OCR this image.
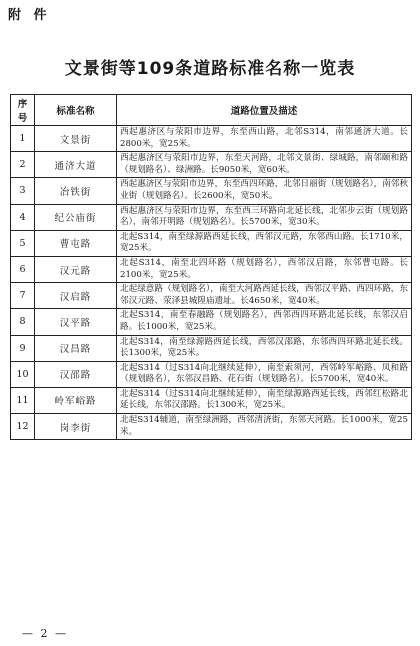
附 件
文景街等109条道路标准名称一览表
序号	标准名称	道路位置及描述
1	文景街	西起惠济区与荥阳市边界，东至西山路，北邻S314，南邻通济大道。长2800米，宽25米。
2	通济大道	西起惠济区与荥阳市边界，东至天河路，北邻文景街、绿城路，南邻颐和路（规划路名）、绿洲路。长9050米，宽60米。
3	冶铁街	西起惠济区与荥阳市边界，东至西四环路，北邻日丽街（规划路名），南邻秋业街（规划路名）。长2600米，宽50米。
4	纪公庙街	西起惠济区与荥阳市边界，东至西三环路向北延长线，北邻步云街（规划路名），南邻开明路（规划路名）。长5700米，宽30米。
5	曹屯路	北起S314，南至绿源路西延长线，西邻汉元路，东邻西山路。长1710米，宽25米。
6	汉元路	北起S314，南至北四环路（规划路名），西邻汉启路，东邻曹屯路。长2100米，宽25米。
7	汉启路	北起绿意路（规划路名），南至大河路西延长线，西邻汉平路、西四环路，东邻汉元路、荥泽县城隍庙遗址。长4650米，宽40米。
8	汉平路	北起S314，南至春融路（规划路名），西邻西四环路北延长线，东邻汉启路。长1000米，宽25米。
9	汉昌路	北起S314，南至绿源路西延长线，西邻汉邵路，东邻西四环路北延长线。长1300米，宽25米。
10	汉邵路	北起S314（过S314向北继续延伸），南至索须河，西邻岭军峪路、凤和路（规划路名），东邻汉昌路、花石街（规划路名）。长5700米，宽40米。
11	岭军峪路	北起S314（过S314向北继续延伸），南至绿源路西延长线，西邻红松路北延长线，东邻汉邵路。长1300米，宽25米。
12	岗李街	北起S314辅道，南至绿洲路，西邻清济街，东邻天河路。长1000米，宽25米。
— 2 —
